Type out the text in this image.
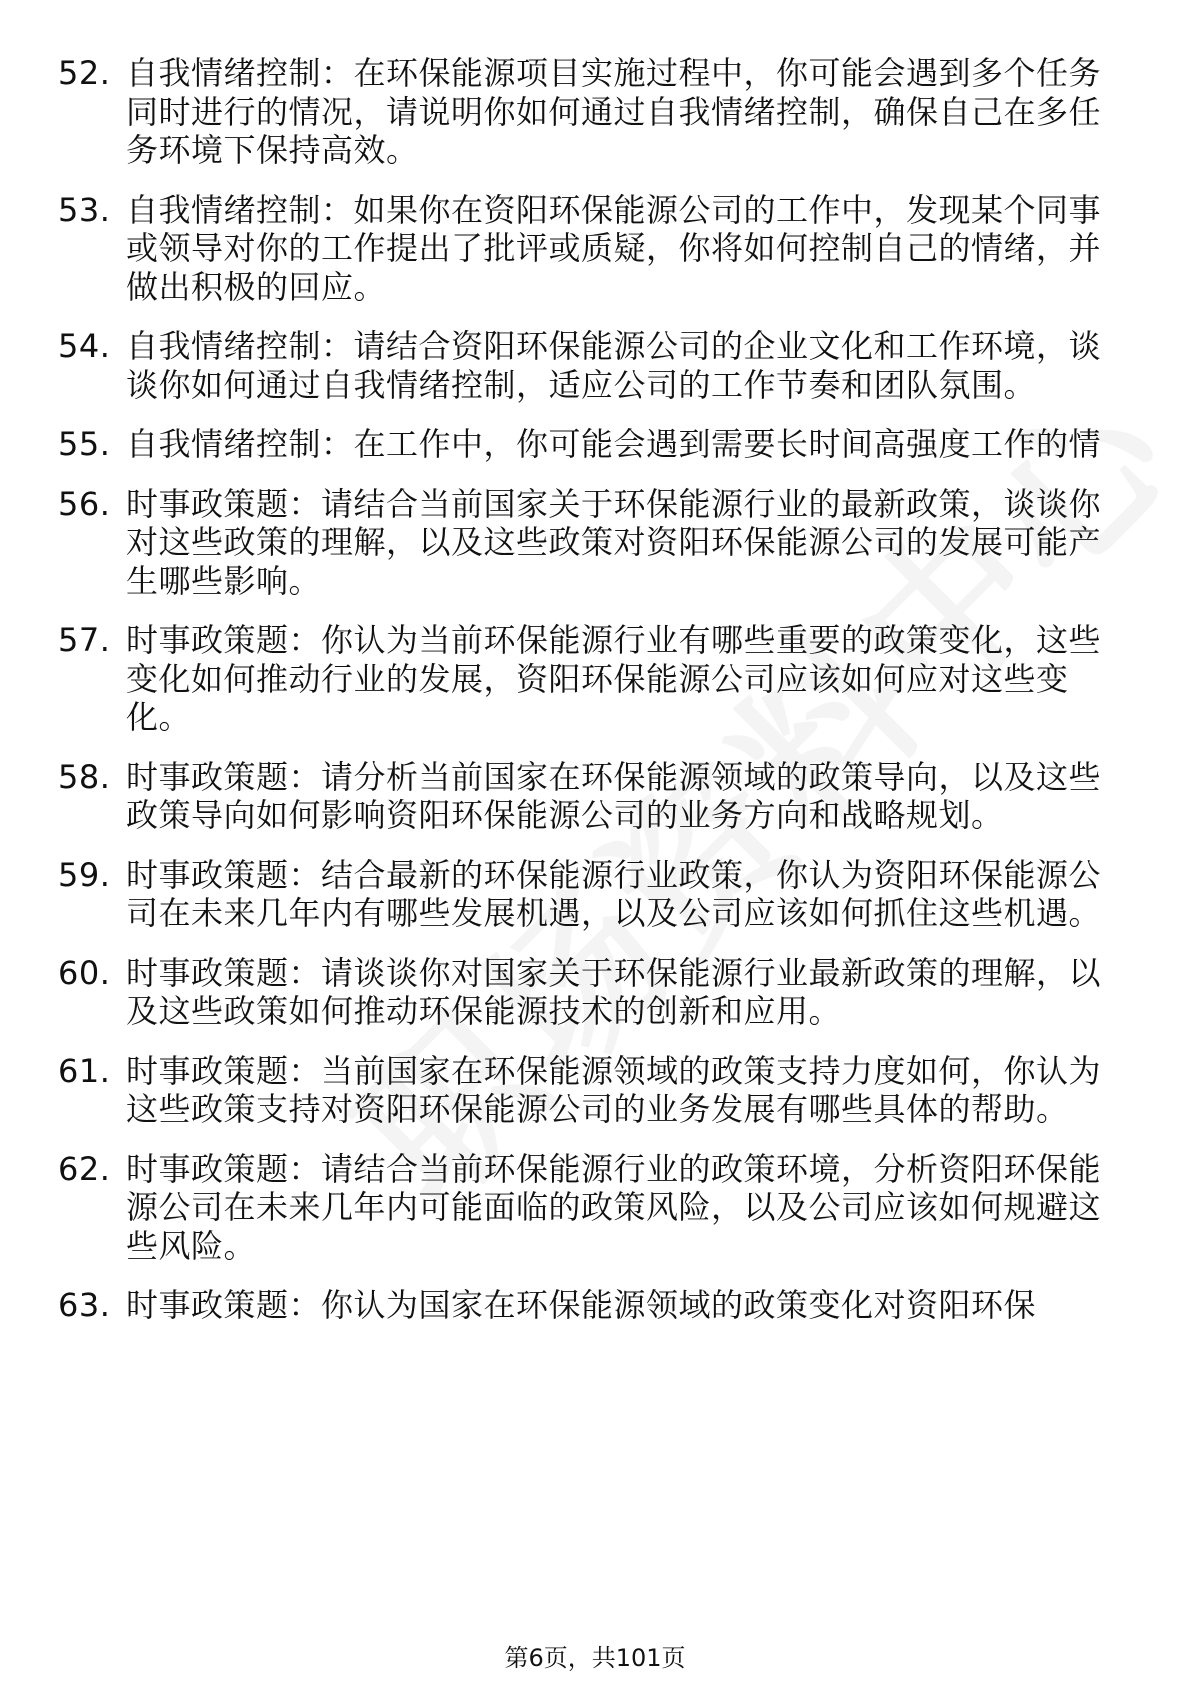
52. 自我情绪控制：在环保能源项目实施过程中，你可能会遇到多个任务同时进行的情况，请说明你如何通过自我情绪控制，确保自己在多任务环境下保持高效。
53. 自我情绪控制：如果你在资阳环保能源公司的工作中，发现某个同事或领导对你的工作提出了批评或质疑，你将如何控制自己的情绪，并做出积极的回应。
54. 自我情绪控制：请结合资阳环保能源公司的企业文化和工作环境，谈谈你如何通过自我情绪控制，适应公司的工作节奏和团队氛围。
55. 自我情绪控制：在工作中，你可能会遇到需要长时间高强度工作的情
56. 时事政策题：请结合当前国家关于环保能源行业的最新政策，谈谈你对这些政策的理解，以及这些政策对资阳环保能源公司的发展可能产生哪些影响。
57. 时事政策题：你认为当前环保能源行业有哪些重要的政策变化，这些变化如何推动行业的发展，资阳环保能源公司应该如何应对这些变化。
58. 时事政策题：请分析当前国家在环保能源领域的政策导向，以及这些政策导向如何影响资阳环保能源公司的业务方向和战略规划。
59. 时事政策题：结合最新的环保能源行业政策，你认为资阳环保能源公司在未来几年内有哪些发展机遇，以及公司应该如何抓住这些机遇。
60. 时事政策题：请谈谈你对国家关于环保能源行业最新政策的理解，以及这些政策如何推动环保能源技术的创新和应用。
61. 时事政策题：当前国家在环保能源领域的政策支持力度如何，你认为这些政策支持对资阳环保能源公司的业务发展有哪些具体的帮助。
62. 时事政策题：请结合当前环保能源行业的政策环境，分析资阳环保能源公司在未来几年内可能面临的政策风险，以及公司应该如何规避这些风险。
63. 时事政策题：你认为国家在环保能源领域的政策变化对资阳环保
第6页，共101页
